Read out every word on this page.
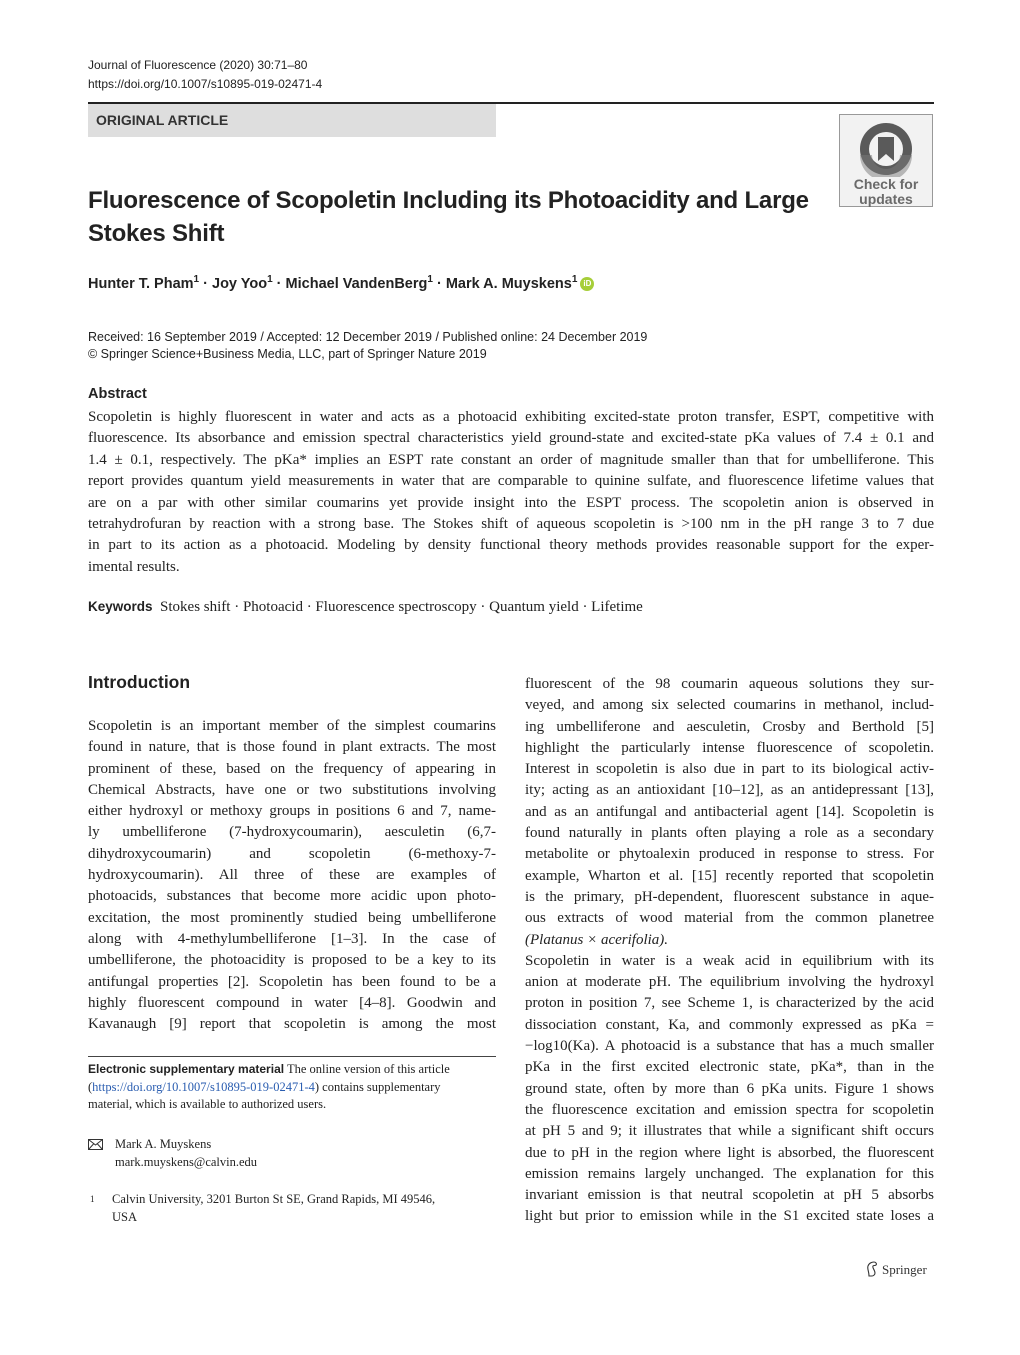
Journal of Fluorescence (2020) 30:71–80
https://doi.org/10.1007/s10895-019-02471-4
ORIGINAL ARTICLE
Check for
updates
Fluorescence of Scopoletin Including its Photoacidity and Large Stokes Shift
Hunter T. Pham$^1$ · Joy Yoo$^1$ · Michael VandenBerg$^1$ · Mark A. Muyskens$^1$ iD
Received: 16 September 2019 / Accepted: 12 December 2019 / Published online: 24 December 2019
© Springer Science+Business Media, LLC, part of Springer Nature 2019
Abstract
Scopoletin is highly fluorescent in water and acts as a photoacid exhibiting excited-state proton transfer, ESPT, competitive with
fluorescence. Its absorbance and emission spectral characteristics yield ground-state and excited-state pKa values of 7.4 ± 0.1 and
1.4 ± 0.1, respectively. The pKa* implies an ESPT rate constant an order of magnitude smaller than that for umbelliferone. This
report provides quantum yield measurements in water that are comparable to quinine sulfate, and fluorescence lifetime values that
are on a par with other similar coumarins yet provide insight into the ESPT process. The scopoletin anion is observed in
tetrahydrofuran by reaction with a strong base. The Stokes shift of aqueous scopoletin is >100 nm in the pH range 3 to 7 due
in part to its action as a photoacid. Modeling by density functional theory methods provides reasonable support for the exper-
imental results.
Keywords Stokes shift · Photoacid · Fluorescence spectroscopy · Quantum yield · Lifetime
Introduction
Scopoletin is an important member of the simplest coumarins
found in nature, that is those found in plant extracts. The most
prominent of these, based on the frequency of appearing in
Chemical Abstracts, have one or two substitutions involving
either hydroxyl or methoxy groups in positions 6 and 7, name-
ly umbelliferone (7-hydroxycoumarin), aesculetin (6,7-
dihydroxycoumarin) and scopoletin (6-methoxy-7-
hydroxycoumarin). All three of these are examples of
photoacids, substances that become more acidic upon photo-
excitation, the most prominently studied being umbelliferone
along with 4-methylumbelliferone [1–3]. In the case of
umbelliferone, the photoacidity is proposed to be a key to its
antifungal properties [2]. Scopoletin has been found to be a
highly fluorescent compound in water [4–8]. Goodwin and
Kavanaugh [9] report that scopoletin is among the most
fluorescent of the 98 coumarin aqueous solutions they sur-
veyed, and among six selected coumarins in methanol, includ-
ing umbelliferone and aesculetin, Crosby and Berthold [5]
highlight the particularly intense fluorescence of scopoletin.
Interest in scopoletin is also due in part to its biological activ-
ity; acting as an antioxidant [10–12], as an antidepressant [13],
and as an antifungal and antibacterial agent [14]. Scopoletin is
found naturally in plants often playing a role as a secondary
metabolite or phytoalexin produced in response to stress. For
example, Wharton et al. [15] recently reported that scopoletin
is the primary, pH-dependent, fluorescent substance in aque-
ous extracts of wood material from the common planetree
(Platanus × acerifolia).
Scopoletin in water is a weak acid in equilibrium with its
anion at moderate pH. The equilibrium involving the hydroxyl
proton in position 7, see Scheme 1, is characterized by the acid
dissociation constant, Ka, and commonly expressed as pKa =
−log10(Ka). A photoacid is a substance that has a much smaller
pKa in the first excited electronic state, pKa*, than in the
ground state, often by more than 6 pKa units. Figure 1 shows
the fluorescence excitation and emission spectra for scopoletin
at pH 5 and 9; it illustrates that while a significant shift occurs
due to pH in the region where light is absorbed, the fluorescent
emission remains largely unchanged. The explanation for this
invariant emission is that neutral scopoletin at pH 5 absorbs
light but prior to emission while in the S1 excited state loses a
Electronic supplementary material The online version of this article
(https://doi.org/10.1007/s10895-019-02471-4) contains supplementary
material, which is available to authorized users.
Mark A. Muyskens
mark.muyskens@calvin.edu
1 Calvin University, 3201 Burton St SE, Grand Rapids, MI 49546,
USA
Springer
